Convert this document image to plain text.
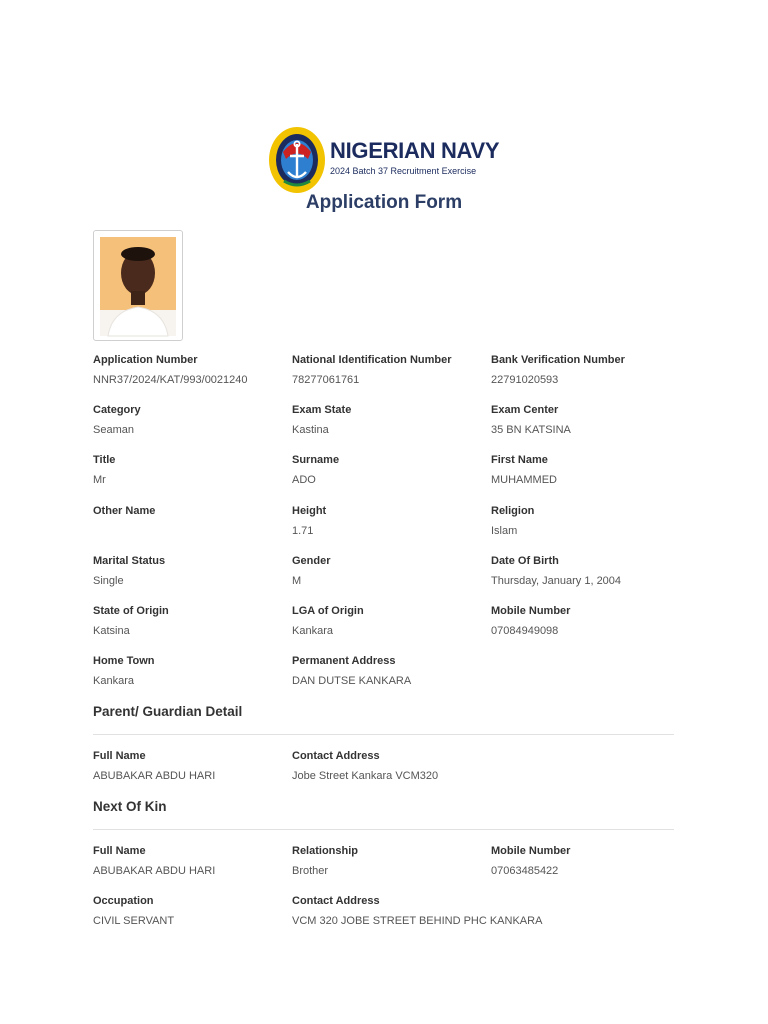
NIGERIAN NAVY
2024 Batch 37 Recruitment Exercise
Application Form
Application Number
NNR37/2024/KAT/993/0021240
National Identification Number
78277061761
Bank Verification Number
22791020593
Category
Seaman
Exam State
Kastina
Exam Center
35 BN KATSINA
Title
Mr
Surname
ADO
First Name
MUHAMMED
Other Name	Height
1.71
Religion
Islam
Marital Status
Single
Gender
M
Date Of Birth
Thursday, January 1, 2004
State of Origin
Katsina
LGA of Origin
Kankara
Mobile Number
07084949098
Home Town
Kankara
Permanent Address
DAN DUTSE KANKARA
Parent/ Guardian Detail
Full Name
ABUBAKAR ABDU HARI
Contact Address
Jobe Street Kankara VCM320
Next Of Kin
Full Name
ABUBAKAR ABDU HARI
Relationship
Brother
Mobile Number
07063485422
Occupation
CIVIL SERVANT
Contact Address
VCM 320 JOBE STREET BEHIND PHC KANKARA
